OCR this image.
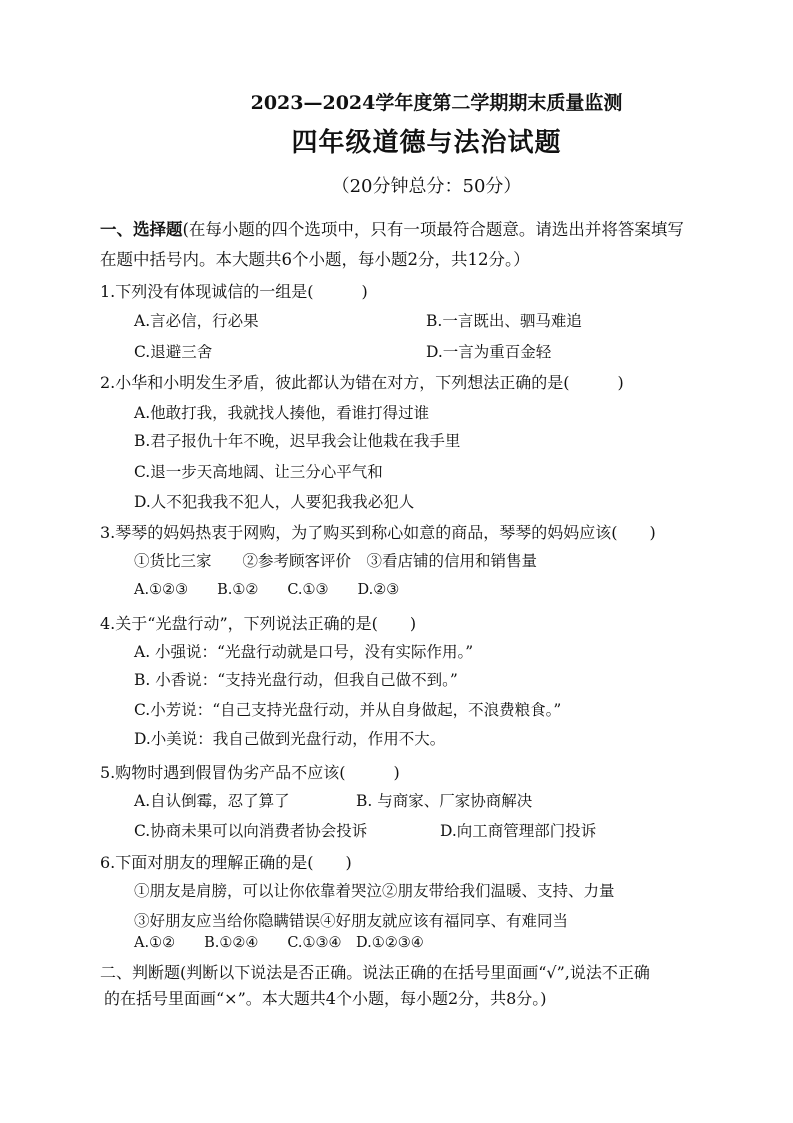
2023—2024学年度第二学期期末质量监测
四年级道德与法治试题
（20分钟总分：50分）
一、选择题(在每小题的四个选项中，只有一项最符合题意。请选出并将答案填写
在题中括号内。本大题共6个小题，每小题2分，共12分。）
1.下列没有体现诚信的一组是(　　　)
A.言必信，行必果	B.一言既出、驷马难追
C.退避三舍	D.一言为重百金轻
2.小华和小明发生矛盾，彼此都认为错在对方，下列想法正确的是(　　　)
A.他敢打我，我就找人揍他，看谁打得过谁
B.君子报仇十年不晚，迟早我会让他栽在我手里
C.退一步天高地阔、让三分心平气和
D.人不犯我我不犯人，人要犯我我必犯人
3.琴琴的妈妈热衷于网购，为了购买到称心如意的商品，琴琴的妈妈应该(　　)
①货比三家　　②参考顾客评价　③看店铺的信用和销售量
A.①②③　　B.①②　　C.①③　　D.②③
4.关于“光盘行动”，下列说法正确的是(　　)
A. 小强说：“光盘行动就是口号，没有实际作用。”
B. 小香说：“支持光盘行动，但我自己做不到。”
C.小芳说：“自己支持光盘行动，并从自身做起，不浪费粮食。”
D.小美说：我自己做到光盘行动，作用不大。
5.购物时遇到假冒伪劣产品不应该(　　　)
A.自认倒霉，忍了算了	B. 与商家、厂家协商解决
C.协商未果可以向消费者协会投诉	D.向工商管理部门投诉
6.下面对朋友的理解正确的是(　　)
①朋友是肩膀，可以让你依靠着哭泣②朋友带给我们温暖、支持、力量
③好朋友应当给你隐瞒错误④好朋友就应该有福同享、有难同当
A.①②　　B.①②④　　C.①③④　D.①②③④
二、判断题(判断以下说法是否正确。说法正确的在括号里面画“√”,说法不正确
的在括号里面画“×”。本大题共4个小题，每小题2分，共8分。)
